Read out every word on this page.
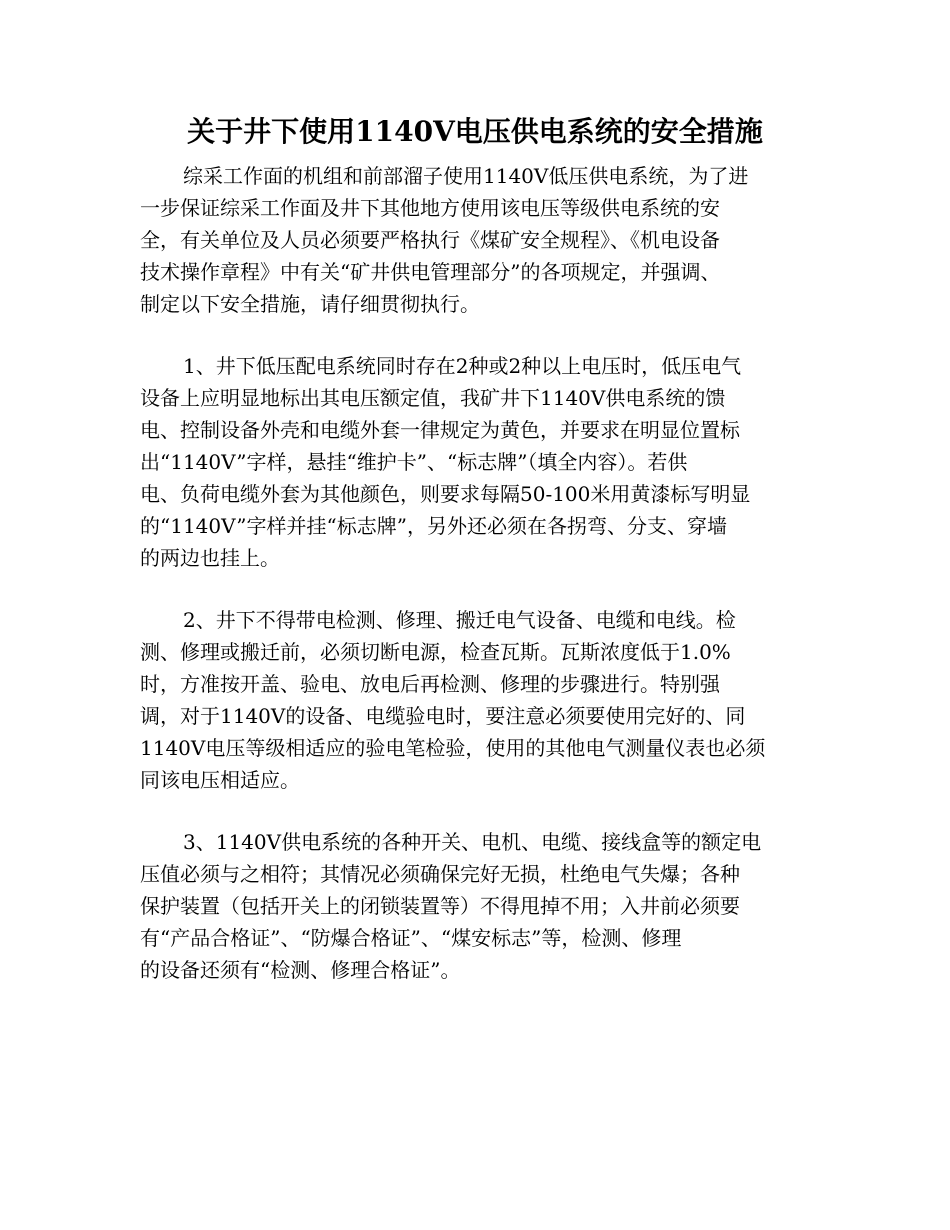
关于井下使用1140V电压供电系统的安全措施
综采工作面的机组和前部溜子使用1140V低压供电系统，为了进
一步保证综采工作面及井下其他地方使用该电压等级供电系统的安
全，有关单位及人员必须要严格执行《煤矿安全规程》、《机电设备
技术操作章程》中有关“矿井供电管理部分”的各项规定，并强调、
制定以下安全措施，请仔细贯彻执行。
1、井下低压配电系统同时存在2种或2种以上电压时，低压电气
设备上应明显地标出其电压额定值，我矿井下1140V供电系统的馈
电、控制设备外壳和电缆外套一律规定为黄色，并要求在明显位置标
出“1140V”字样，悬挂“维护卡”、“标志牌”（填全内容）。若供
电、负荷电缆外套为其他颜色，则要求每隔50-100米用黄漆标写明显
的“1140V”字样并挂“标志牌”，另外还必须在各拐弯、分支、穿墙
的两边也挂上。
2、井下不得带电检测、修理、搬迁电气设备、电缆和电线。检
测、修理或搬迁前，必须切断电源，检查瓦斯。瓦斯浓度低于1.0%
时，方准按开盖、验电、放电后再检测、修理的步骤进行。特别强
调，对于1140V的设备、电缆验电时，要注意必须要使用完好的、同
1140V电压等级相适应的验电笔检验，使用的其他电气测量仪表也必须
同该电压相适应。
3、1140V供电系统的各种开关、电机、电缆、接线盒等的额定电
压值必须与之相符；其情况必须确保完好无损，杜绝电气失爆；各种
保护装置（包括开关上的闭锁装置等）不得甩掉不用；入井前必须要
有“产品合格证”、“防爆合格证”、“煤安标志”等，检测、修理
的设备还须有“检测、修理合格证”。
